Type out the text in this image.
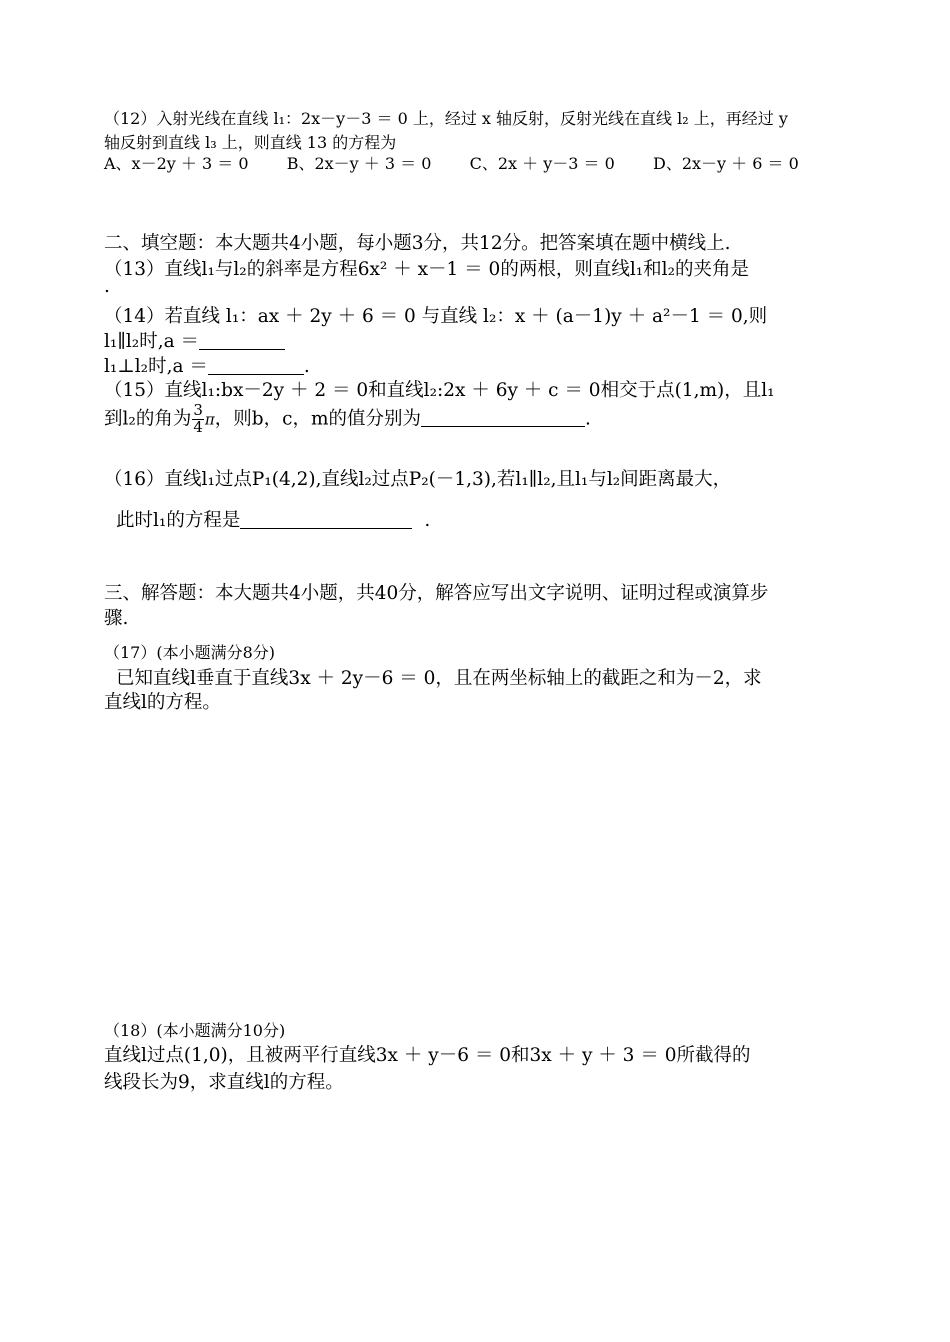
（12）入射光线在直线 l₁：2x－y－3 ＝ 0 上，经过 x 轴反射，反射光线在直线 l₂ 上，再经过 y
轴反射到直线 l₃ 上，则直线 13 的方程为
A、x－2y ＋ 3 ＝ 0 B、2x－y ＋ 3 ＝ 0 C、2x ＋ y－3 ＝ 0 D、2x－y ＋ 6 ＝ 0
二、填空题：本大题共4小题，每小题3分，共12分。把答案填在题中横线上.
（13）直线l₁与l₂的斜率是方程6x² ＋ x－1 ＝ 0的两根，则直线l₁和l₂的夹角是
.
（14）若直线 l₁：ax ＋ 2y ＋ 6 ＝ 0 与直线 l₂：x ＋ (a－1)y ＋ a²－1 ＝ 0,则
l₁∥l₂时,a ＝
l₁⊥l₂时,a ＝	.
（15）直线l₁:bx－2y ＋ 2 ＝ 0和直线l₂:2x ＋ 6y ＋ c ＝ 0相交于点(1,m)，且l₁
到l₂的角为 $\frac{3}{4}$ π，则b，c，m的值分别为	.
（16）直线l₁过点P₁(4,2),直线l₂过点P₂(－1,3),若l₁∥l₂,且l₁与l₂间距离最大，
此时l₁的方程是	.
三、解答题：本大题共4小题，共40分，解答应写出文字说明、证明过程或演算步
骤.
（17）(本小题满分8分)
已知直线l垂直于直线3x ＋ 2y－6 ＝ 0，且在两坐标轴上的截距之和为－2，求
直线l的方程。
（18）(本小题满分10分)
直线l过点(1,0)，且被两平行直线3x ＋ y－6 ＝ 0和3x ＋ y ＋ 3 ＝ 0所截得的
线段长为9，求直线l的方程。
